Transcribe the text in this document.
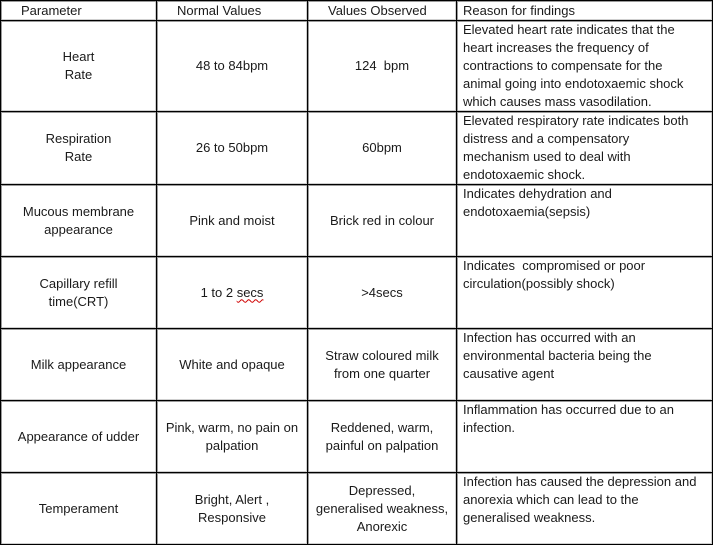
Parameter	Normal Values	Values Observed	Reason for findings

Heart
Rate	48 to 84bpm	124  bpm	Elevated heart rate indicates that the
heart increases the frequency of
contractions to compensate for the
animal going into endotoxaemic shock
which causes mass vasodilation.

Respiration
Rate	26 to 50bpm	60bpm	Elevated respiratory rate indicates both
distress and a compensatory
mechanism used to deal with
endotoxaemic shock.

Mucous membrane
appearance	Pink and moist	Brick red in colour	Indicates dehydration and
endotoxaemia(sepsis)

Capillary refill
time(CRT)	1 to 2 secs	>4secs	Indicates  compromised or poor
circulation(possibly shock)

Milk appearance	White and opaque	Straw coloured milk
from one quarter	Infection has occurred with an
environmental bacteria being the
causative agent

Appearance of udder	Pink, warm, no pain on
palpation	Reddened, warm,
painful on palpation	Inflammation has occurred due to an
infection.

Temperament	Bright, Alert ,
Responsive	Depressed,
generalised weakness,
Anorexic	Infection has caused the depression and
anorexia which can lead to the
generalised weakness.
